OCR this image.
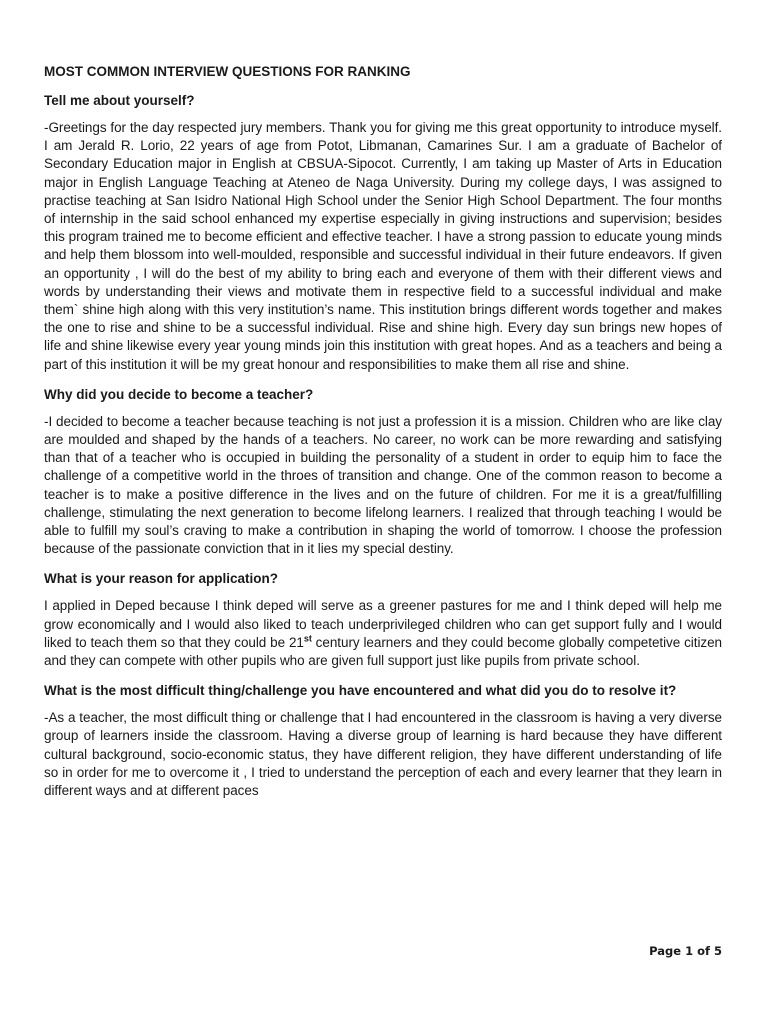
MOST COMMON INTERVIEW QUESTIONS FOR RANKING
Tell me about yourself?
-Greetings for the day respected jury members. Thank you for giving me this great opportunity to introduce myself. I am Jerald R. Lorio, 22 years of age from Potot, Libmanan, Camarines Sur. I am a graduate of Bachelor of Secondary Education major in English at CBSUA-Sipocot. Currently, I am taking up Master of Arts in Education major in English Language Teaching at Ateneo de Naga University. During my college days, I was assigned to practise teaching at San Isidro National High School under the Senior High School Department. The four months of internship in the said school enhanced my expertise especially in giving instructions and supervision; besides this program trained me to become efficient and effective teacher. I have a strong passion to educate young minds and help them blossom into well-moulded, responsible and successful individual in their future endeavors. If given an opportunity , I will do the best of my ability to bring each and everyone of them with their different views and words by understanding their views and motivate them in respective field to a successful individual and make them` shine high along with this very institution’s name. This institution brings different words together and makes the one to rise and shine to be a successful individual. Rise and shine high. Every day sun brings new hopes of life and shine likewise every year young minds join this institution with great hopes. And as a teachers and being a part of this institution it will be my great honour and responsibilities to make them all rise and shine.
Why did you decide to become a teacher?
-I decided to become a teacher because teaching is not just a profession it is a mission. Children who are like clay are moulded and shaped by the hands of a teachers. No career, no work can be more rewarding and satisfying than that of a teacher who is occupied in building the personality of a student in order to equip him to face the challenge of a competitive world in the throes of transition and change. One of the common reason to become a teacher is to make a positive difference in the lives and on the future of children. For me it is a great/fulfilling challenge, stimulating the next generation to become lifelong learners. I realized that through teaching I would be able to fulfill my soul’s craving to make a contribution in shaping the world of tomorrow. I choose the profession because of the passionate conviction that in it lies my special destiny.
What is your reason for application?
I applied in Deped because I think deped will serve as a greener pastures for me and I think deped will help me grow economically and I would also liked to teach underprivileged children who can get support fully and I would liked to teach them so that they could be 21st century learners and they could become globally competetive citizen and they can compete with other pupils who are given full support just like pupils from private school.
What is the most difficult thing/challenge you have encountered and what did you do to resolve it?
-As a teacher, the most difficult thing or challenge that I had encountered in the classroom is having a very diverse group of learners inside the classroom. Having a diverse group of learning is hard because they have different cultural background, socio-economic status, they have different religion, they have different understanding of life so in order for me to overcome it , I tried to understand the perception of each and every learner that they learn in different ways and at different paces
Page 1 of 5
